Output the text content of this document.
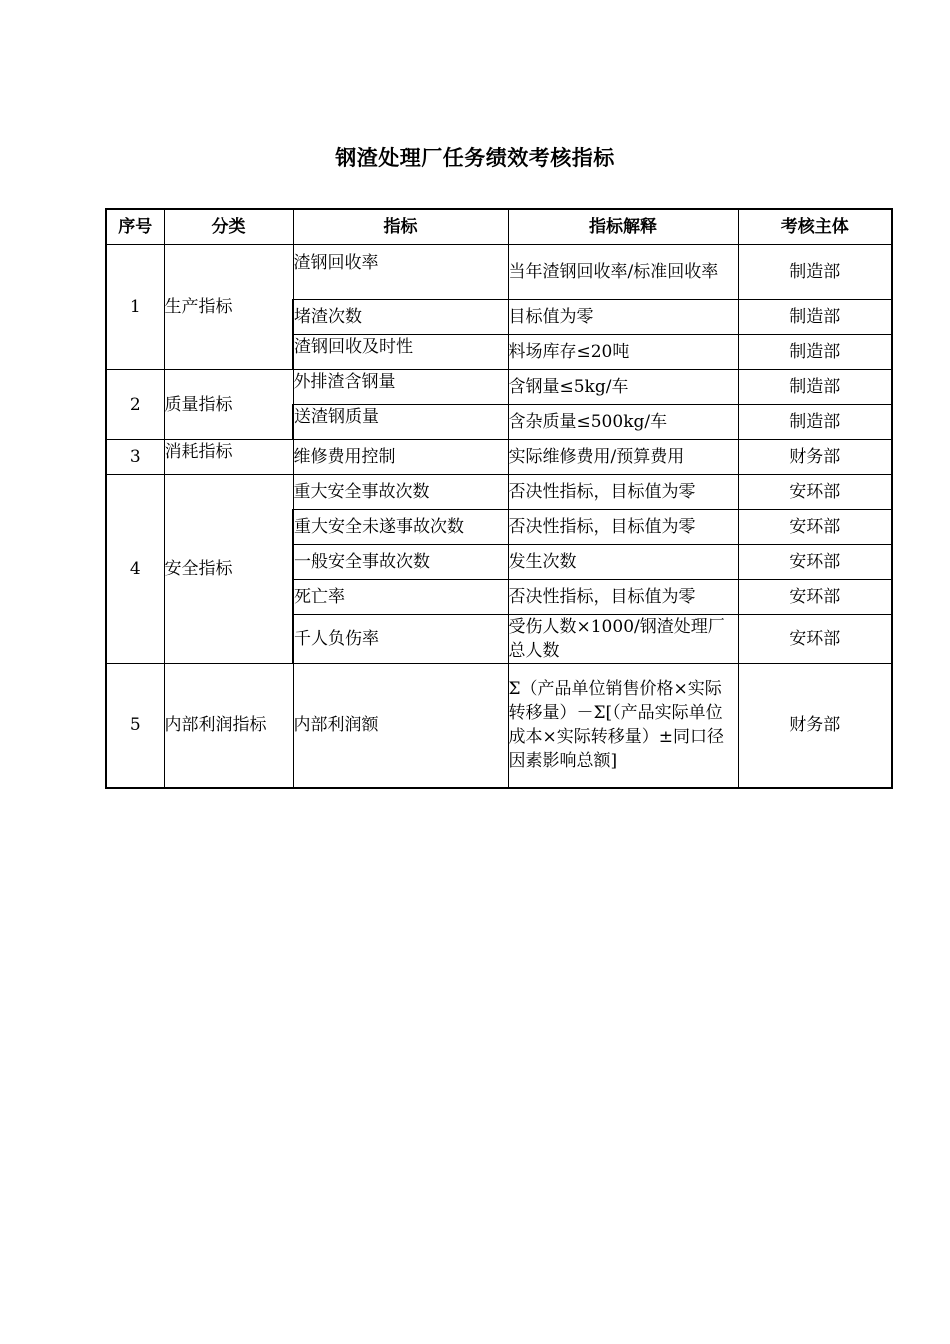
钢渣处理厂任务绩效考核指标
序号	分类	指标	指标解释	考核主体
1	生产指标	渣钢回收率	当年渣钢回收率/标准回收率	制造部
		堵渣次数	目标值为零	制造部
		渣钢回收及时性	料场库存≤20吨	制造部
2	质量指标	外排渣含钢量	含钢量≤5kg/车	制造部
		送渣钢质量	含杂质量≤500kg/车	制造部
3	消耗指标	维修费用控制	实际维修费用/预算费用	财务部
4	安全指标	重大安全事故次数	否决性指标，目标值为零	安环部
		重大安全未遂事故次数	否决性指标，目标值为零	安环部
		一般安全事故次数	发生次数	安环部
		死亡率	否决性指标，目标值为零	安环部
		千人负伤率	受伤人数×1000/钢渣处理厂总人数	安环部
5	内部利润指标	内部利润额	Σ（产品单位销售价格×实际转移量）－Σ[（产品实际单位成本×实际转移量）±同口径因素影响总额]	财务部
